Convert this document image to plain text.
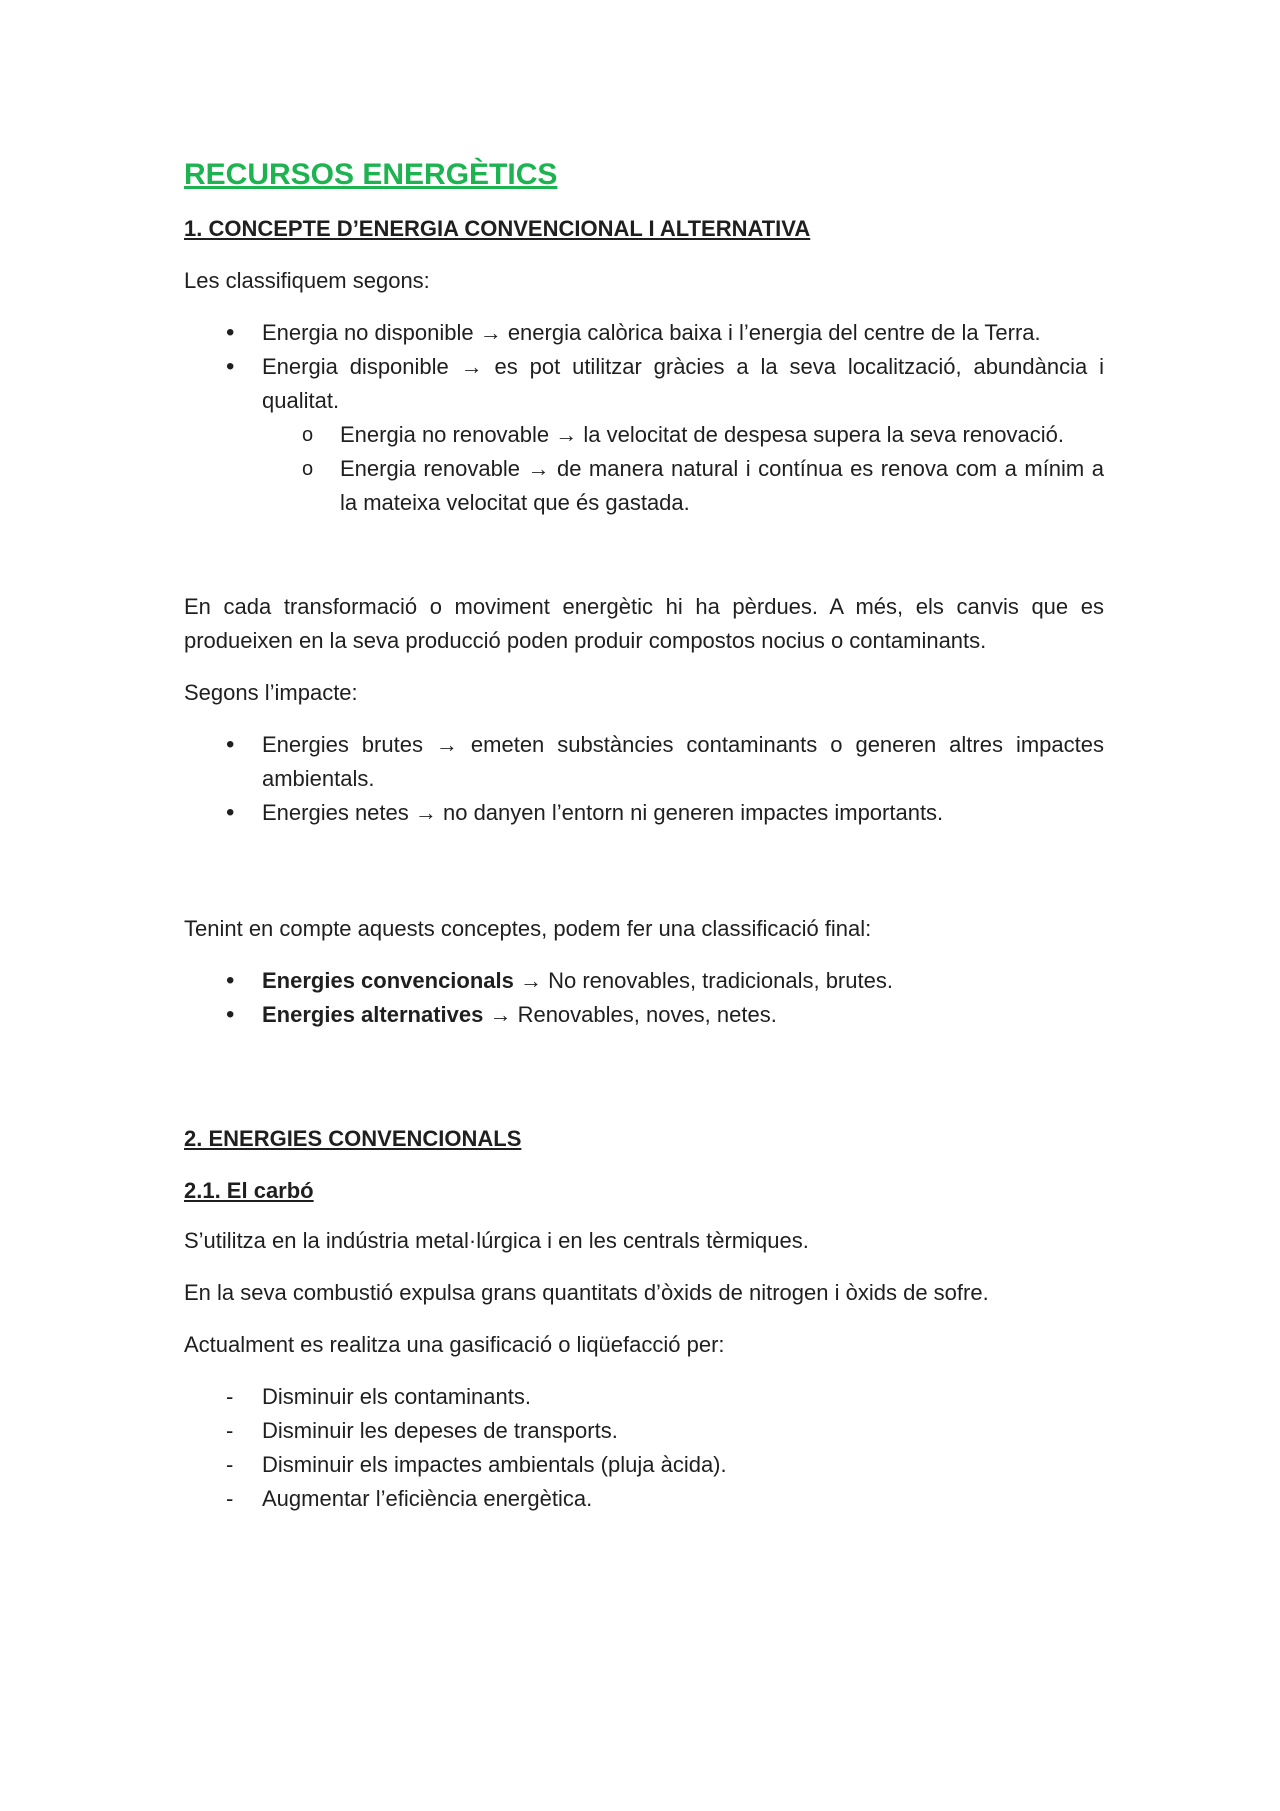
RECURSOS ENERGÈTICS
1. CONCEPTE D’ENERGIA CONVENCIONAL I ALTERNATIVA

Les classifiquem segons:

• Energia no disponible → energia calòrica baixa i l’energia del centre de la Terra.
• Energia disponible → es pot utilitzar gràcies a la seva localització, abundància i qualitat.
o Energia no renovable → la velocitat de despesa supera la seva renovació.
o Energia renovable → de manera natural i contínua es renova com a mínim a la mateixa velocitat que és gastada.

En cada transformació o moviment energètic hi ha pèrdues. A més, els canvis que es produeixen en la seva producció poden produir compostos nocius o contaminants.

Segons l’impacte:

• Energies brutes → emeten substàncies contaminants o generen altres impactes ambientals.
• Energies netes → no danyen l’entorn ni generen impactes importants.

Tenint en compte aquests conceptes, podem fer una classificació final:

• Energies convencionals → No renovables, tradicionals, brutes.
• Energies alternatives → Renovables, noves, netes.
2. ENERGIES CONVENCIONALS
2.1. El carbó

S’utilitza en la indústria metal·lúrgica i en les centrals tèrmiques.

En la seva combustió expulsa grans quantitats d’òxids de nitrogen i òxids de sofre.

Actualment es realitza una gasificació o liqüefacció per:

- Disminuir els contaminants.
- Disminuir les depeses de transports.
- Disminuir els impactes ambientals (pluja àcida).
- Augmentar l’eficiència energètica.
